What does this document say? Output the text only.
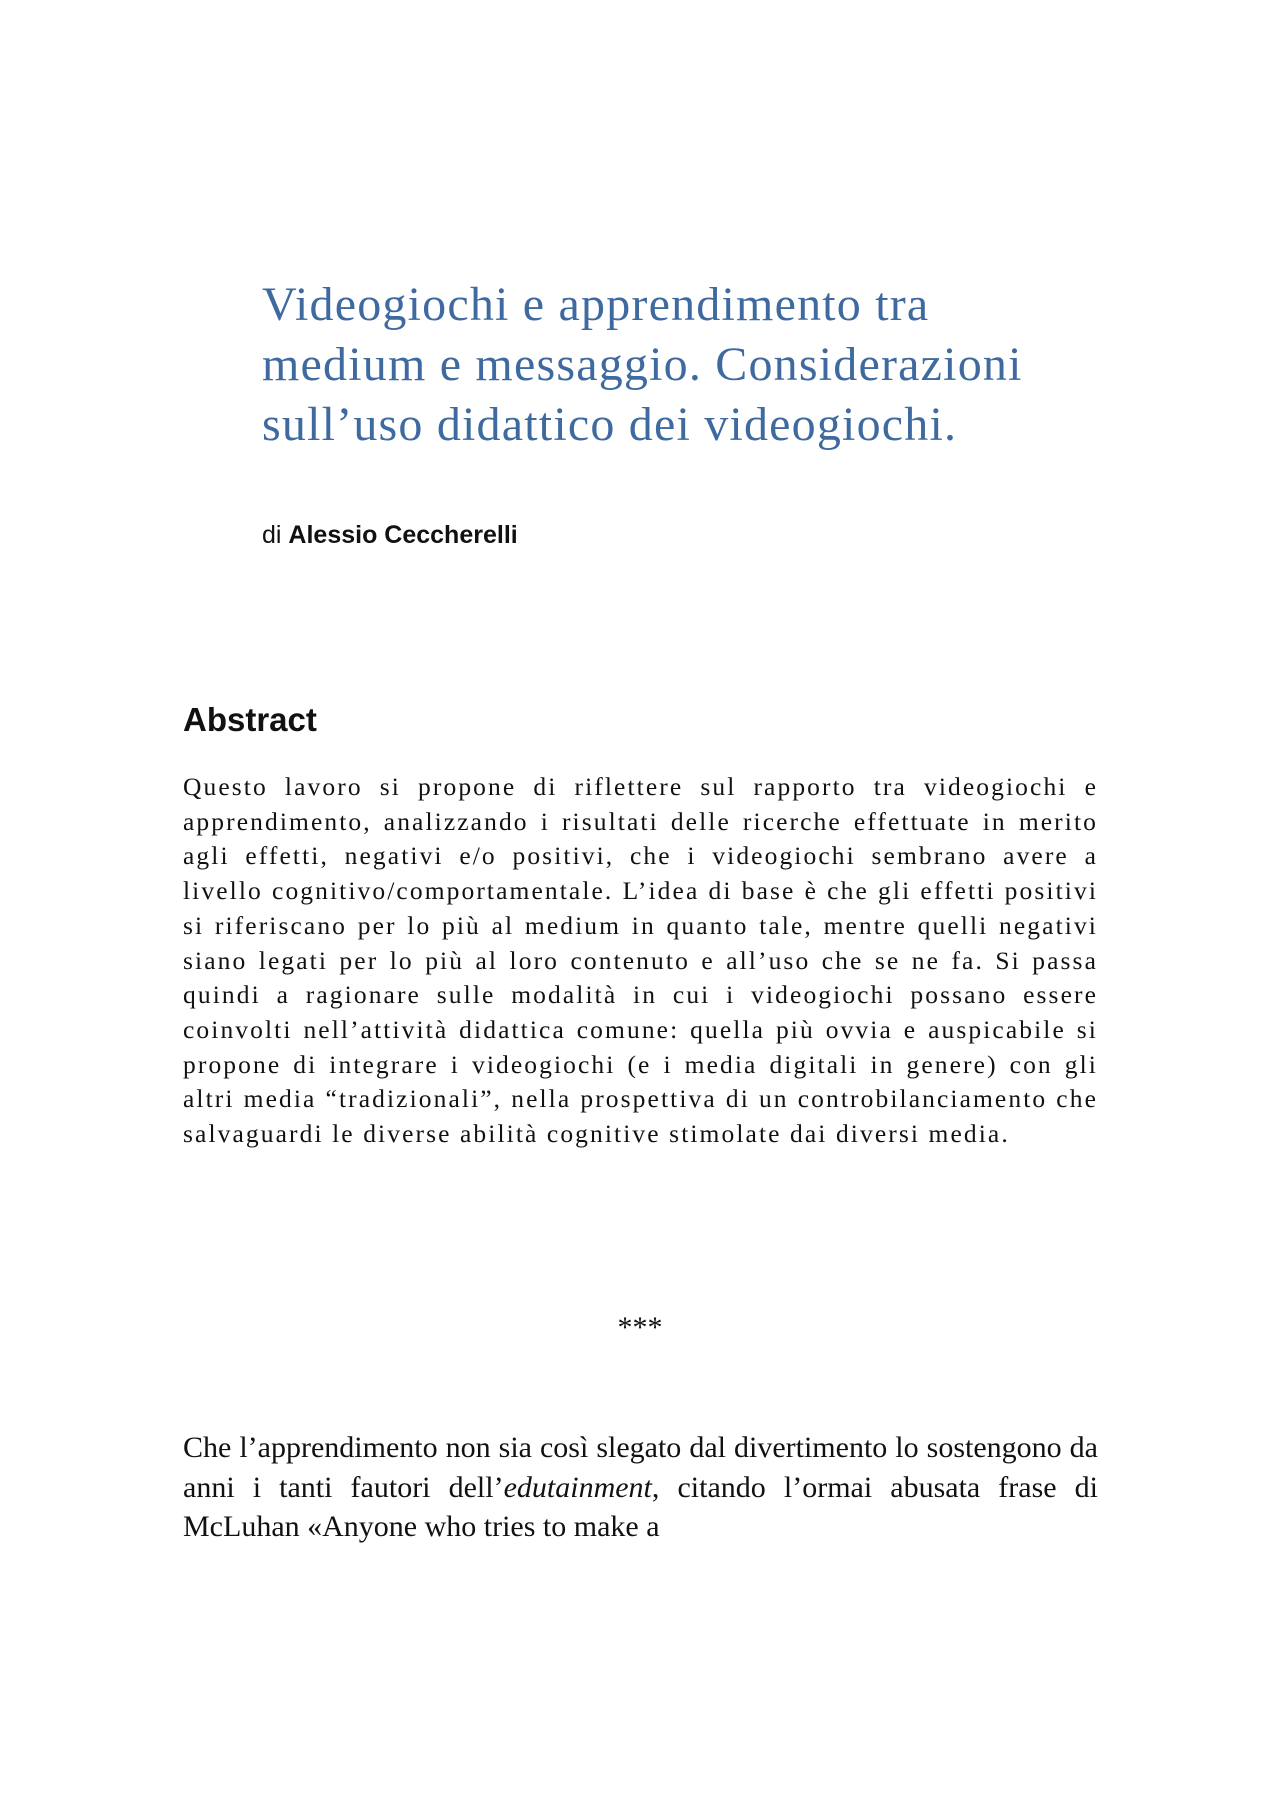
Videogiochi e apprendimento tra
medium e messaggio. Considerazioni
sull’uso didattico dei videogiochi.
di Alessio Ceccherelli
Abstract

Questo lavoro si propone di riflettere sul rapporto tra videogiochi e apprendimento, analizzando i risultati delle ricerche effettuate in merito agli effetti, negativi e/o positivi, che i videogiochi sembrano avere a livello cognitivo/comportamentale. L’idea di base è che gli effetti positivi si riferiscano per lo più al medium in quanto tale, mentre quelli negativi siano legati per lo più al loro contenuto e all’uso che se ne fa. Si passa quindi a ragionare sulle modalità in cui i videogiochi possano essere coinvolti nell’attività didattica comune: quella più ovvia e auspicabile si propone di integrare i videogiochi (e i media digitali in genere) con gli altri media “tradizionali”, nella prospettiva di un controbilanciamento che salvaguardi le diverse abilità cognitive stimolate dai diversi media.

***

Che l’apprendimento non sia così slegato dal divertimento lo sostengono da anni i tanti fautori dell’edutainment, citando l’ormai abusata frase di McLuhan «Anyone who tries to make a
